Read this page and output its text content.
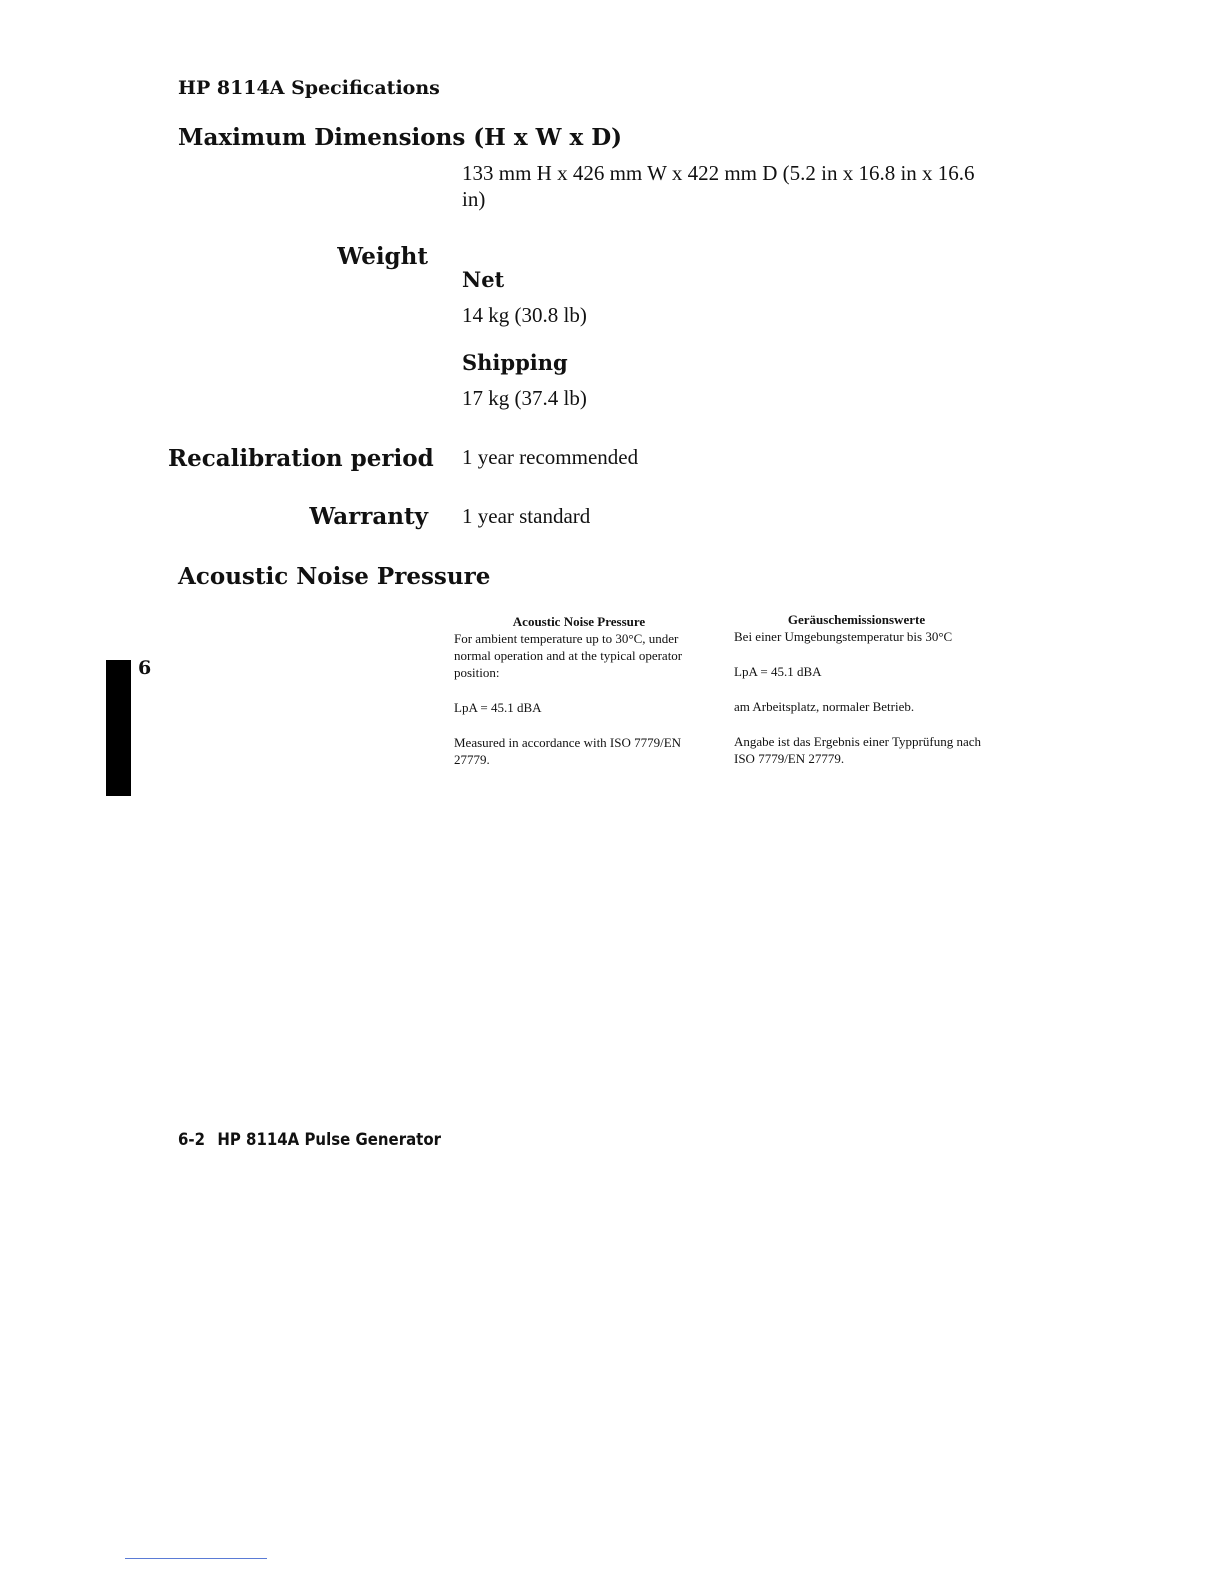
HP 8114A Specifications
Maximum Dimensions (H x W x D)
133 mm H x 426 mm W x 422 mm D (5.2 in x 16.8 in x 16.6 in)
Weight
Net
14 kg (30.8 lb)
Shipping
17 kg (37.4 lb)
Recalibration period 1 year recommended
Warranty 1 year standard
Acoustic Noise Pressure
Acoustic Noise Pressure

For ambient temperature up to 30°C, under normal operation and at the typical operator position:

LpA = 45.1 dBA

Measured in accordance with ISO 7779/EN 27779.

Geräuschemissionswerte

Bei einer Umgebungstemperatur bis 30°C

LpA = 45.1 dBA

am Arbeitsplatz, normaler Betrieb.

Angabe ist das Ergebnis einer Typprüfung nach ISO 7779/EN 27779.

6
6-2 HP 8114A Pulse Generator
